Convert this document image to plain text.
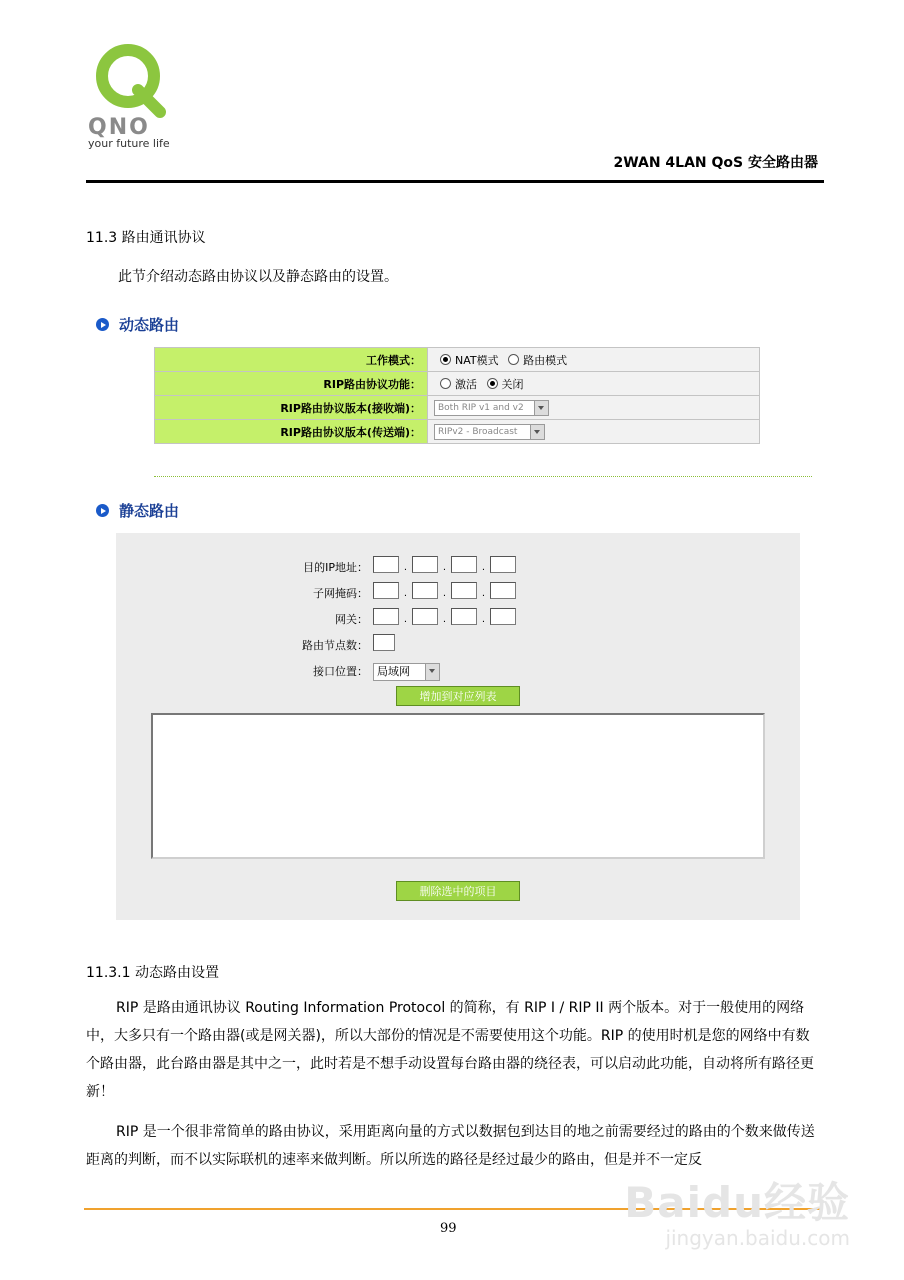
QNO
your future life
2WAN 4LAN QoS 安全路由器
11.3 路由通讯协议
此节介绍动态路由协议以及静态路由的设置。
动态路由
工作模式：	NAT模式 路由模式
RIP路由协议功能：	激活 关闭
RIP路由协议版本(接收端)：	Both RIP v1 and v2

RIP路由协议版本(传送端)：	RIPv2 - Broadcast
静态路由
目的IP地址：	.	.	.
子网掩码：	.	.	.
网关：	.	.	.
路由节点数：
接口位置： 局域网
增加到对应列表
删除选中的项目
11.3.1 动态路由设置
RIP 是路由通讯协议 Routing Information Protocol 的简称，有 RIP I / RIP II 两个版本。对于一般使用的网络中，大多只有一个路由器(或是网关器)，所以大部份的情况是不需要使用这个功能。RIP 的使用时机是您的网络中有数个路由器，此台路由器是其中之一，此时若是不想手动设置每台路由器的绕径表，可以启动此功能，自动将所有路径更新！
RIP 是一个很非常简单的路由协议，采用距离向量的方式以数据包到达目的地之前需要经过的路由的个数来做传送距离的判断，而不以实际联机的速率来做判断。所以所选的路径是经过最少的路由，但是并不一定反
99
Baidu经验
jingyan.baidu.com
